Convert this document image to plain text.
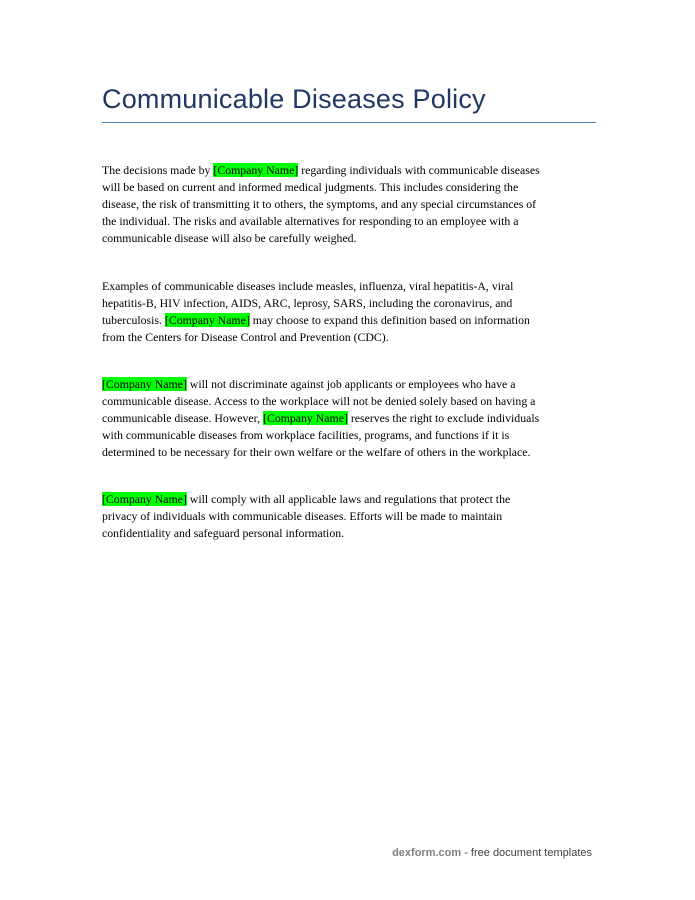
Communicable Diseases Policy
The decisions made by [Company Name] regarding individuals with communicable diseases
will be based on current and informed medical judgments. This includes considering the
disease, the risk of transmitting it to others, the symptoms, and any special circumstances of
the individual. The risks and available alternatives for responding to an employee with a
communicable disease will also be carefully weighed.
Examples of communicable diseases include measles, influenza, viral hepatitis-A, viral
hepatitis-B, HIV infection, AIDS, ARC, leprosy, SARS, including the coronavirus, and
tuberculosis. [Company Name] may choose to expand this definition based on information
from the Centers for Disease Control and Prevention (CDC).
[Company Name] will not discriminate against job applicants or employees who have a
communicable disease. Access to the workplace will not be denied solely based on having a
communicable disease. However, [Company Name] reserves the right to exclude individuals
with communicable diseases from workplace facilities, programs, and functions if it is
determined to be necessary for their own welfare or the welfare of others in the workplace.
[Company Name] will comply with all applicable laws and regulations that protect the
privacy of individuals with communicable diseases. Efforts will be made to maintain
confidentiality and safeguard personal information.
dexform.com - free document templates
